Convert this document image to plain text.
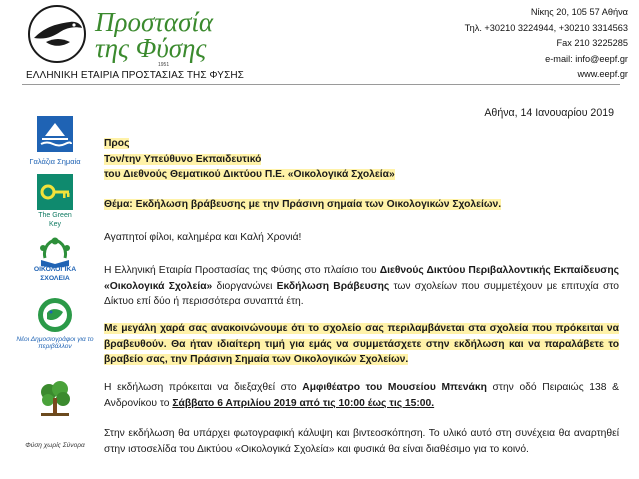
Προστασία
της Φύσης
1951
ΕΛΛΗΝΙΚΗ ΕΤΑΙΡΙΑ ΠΡΟΣΤΑΣΙΑΣ ΤΗΣ ΦΥΣΗΣ
Νίκης 20, 105 57 Αθήνα
Τηλ. +30210 3224944, +30210 3314563
Fax 210 3225285
e-mail: info@eepf.gr
www.eepf.gr
Γαλάζια Σημαία
The Green
Key
ΟΙΚΟΛΟΓΙΚΑ
ΣΧΟΛΕΙΑ
Νέοι Δημοσιογράφοι για το περιβάλλον
Φύση χωρίς Σύνορα
Αθήνα, 14 Ιανουαρίου 2019
Προς
Τον/την Υπεύθυνο Εκπαιδευτικό
του Διεθνούς Θεματικού Δικτύου Π.Ε. «Οικολογικά Σχολεία»
Θέμα: Εκδήλωση βράβευσης με την Πράσινη σημαία των Οικολογικών Σχολείων.
Αγαπητοί φίλοι, καλημέρα και Καλή Χρονιά!
Η Ελληνική Εταιρία Προστασίας της Φύσης στο πλαίσιο του Διεθνούς Δικτύου Περιβαλλοντικής Εκπαίδευσης «Οικολογικά Σχολεία» διοργανώνει Εκδήλωση Βράβευσης των σχολείων που συμμετέχουν με επιτυχία στο Δίκτυο επί δύο ή περισσότερα συναπτά έτη.
Με μεγάλη χαρά σας ανακοινώνουμε ότι το σχολείο σας περιλαμβάνεται στα σχολεία που πρόκειται να βραβευθούν. Θα ήταν ιδιαίτερη τιμή για εμάς να συμμετάσχετε στην εκδήλωση και να παραλάβετε το βραβείο σας, την Πράσινη Σημαία των Οικολογικών Σχολείων.
Η εκδήλωση πρόκειται να διεξαχθεί στο Αμφιθέατρο του Μουσείου Μπενάκη στην οδό Πειραιώς 138 & Ανδρονίκου το Σάββατο 6 Απριλίου 2019 από τις 10:00 έως τις 15:00.
Στην εκδήλωση θα υπάρχει φωτογραφική κάλυψη και βιντεοσκόπηση. Το υλικό αυτό στη συνέχεια θα αναρτηθεί στην ιστοσελίδα του Δικτύου «Οικολογικά Σχολεία» και φυσικά θα είναι διαθέσιμο για το κοινό.
